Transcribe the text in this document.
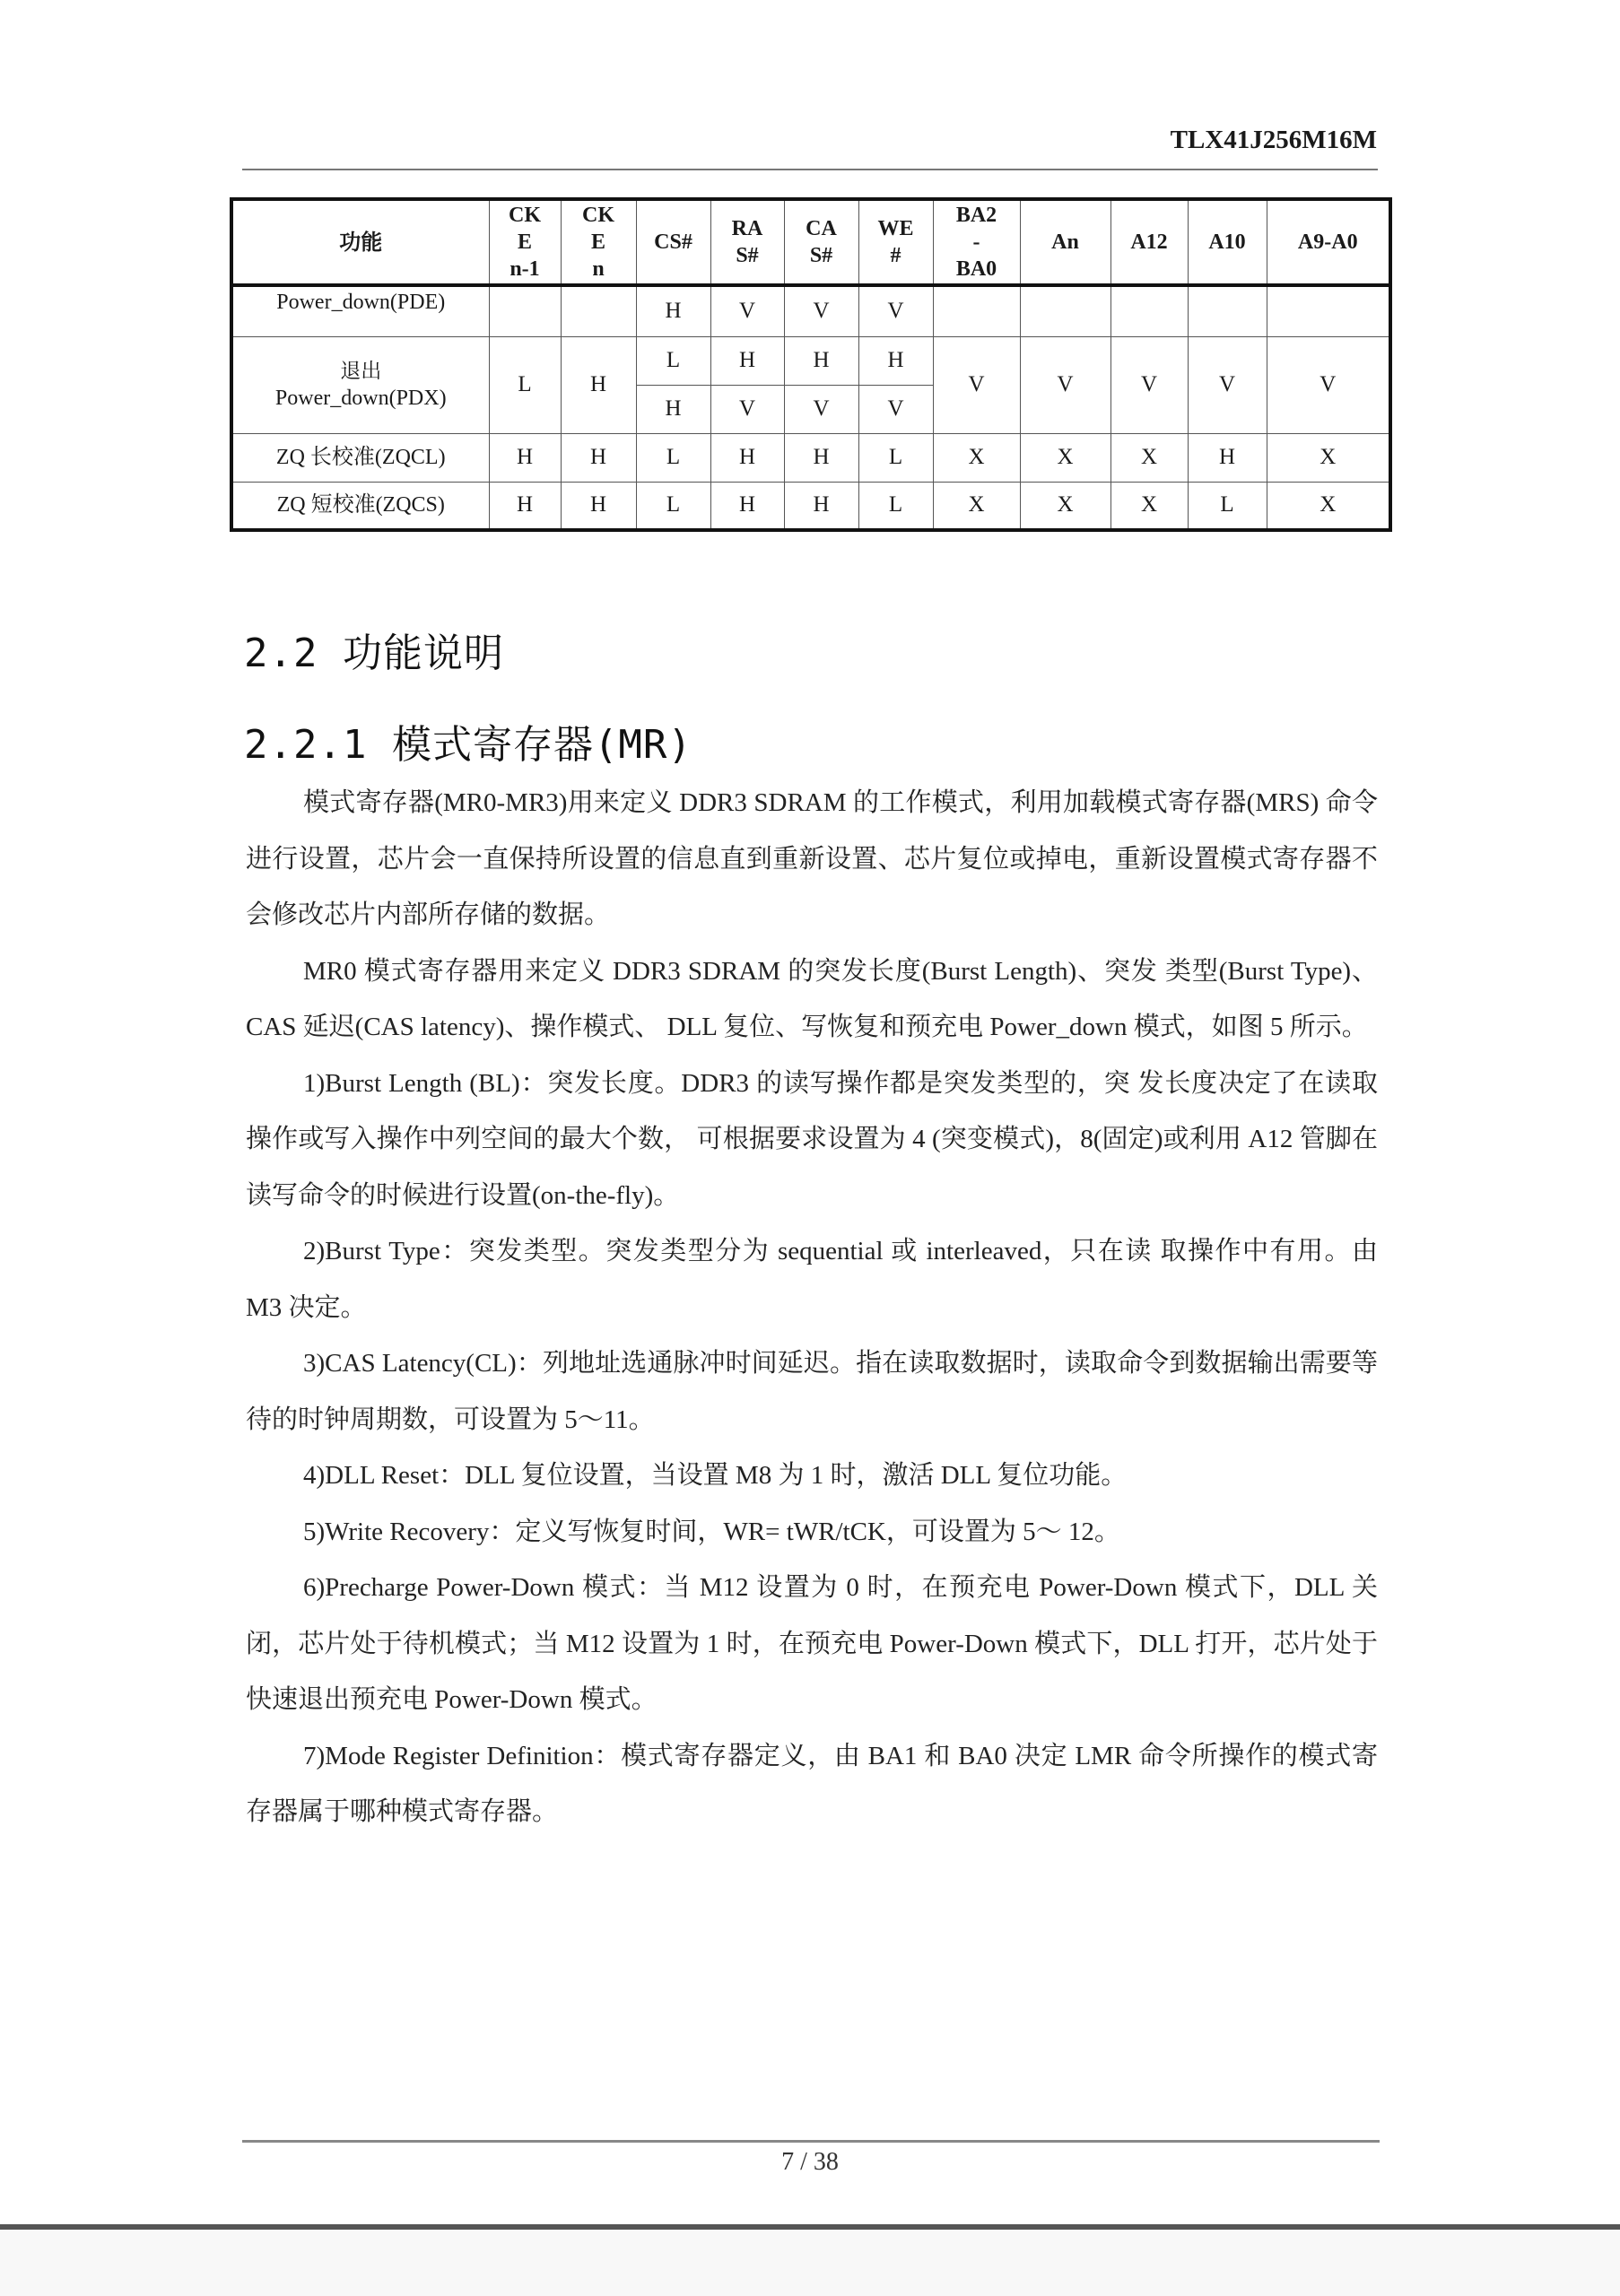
TLX41J256M16M
功能	CK
E
n-1	CK
E
n	CS#	RA
S#	CA
S#	WE
#	BA2
-
BA0	An	A12	A10	A9-A0
Power_down(PDE)			H	V	V	V					
退出
Power_down(PDX)	L	H	L	H	H	H	V	V	V	V	V
			H	V	V	V					
ZQ 长校准(ZQCL)	H	H	L	H	H	L	X	X	X	H	X
ZQ 短校准(ZQCS)	H	H	L	H	H	L	X	X	X	L	X
2.2 功能说明
2.2.1 模式寄存器(MR)

模式寄存器(MR0-MR3)用来定义 DDR3 SDRAM 的工作模式，利用加载模式寄存器(MRS) 命令进行设置，芯片会一直保持所设置的信息直到重新设置、芯片复位或掉电，重新设置模式寄存器不会修改芯片内部所存储的数据。

MR0 模式寄存器用来定义 DDR3 SDRAM 的突发长度(Burst Length)、突发 类型(Burst Type)、CAS 延迟(CAS latency)、操作模式、 DLL 复位、写恢复和预充电 Power_down 模式，如图 5 所示。

1)Burst Length (BL)：突发长度。DDR3 的读写操作都是突发类型的，突 发长度决定了在读取操作或写入操作中列空间的最大个数， 可根据要求设置为 4 (突变模式)，8(固定)或利用 A12 管脚在读写命令的时候进行设置(on-the-fly)。

2)Burst Type：突发类型。突发类型分为 sequential 或 interleaved，只在读 取操作中有用。由 M3 决定。

3)CAS Latency(CL)：列地址选通脉冲时间延迟。指在读取数据时，读取命令到数据输出需要等待的时钟周期数，可设置为 5～11。

4)DLL Reset：DLL 复位设置，当设置 M8 为 1 时，激活 DLL 复位功能。

5)Write Recovery：定义写恢复时间，WR= tWR/tCK，可设置为 5～ 12。

6)Precharge Power-Down 模式：当 M12 设置为 0 时，在预充电 Power-Down 模式下，DLL 关闭，芯片处于待机模式；当 M12 设置为 1 时，在预充电 Power-Down 模式下，DLL 打开，芯片处于快速退出预充电 Power-Down 模式。

7)Mode Register Definition：模式寄存器定义，由 BA1 和 BA0 决定 LMR 命令所操作的模式寄存器属于哪种模式寄存器。

7 / 38
